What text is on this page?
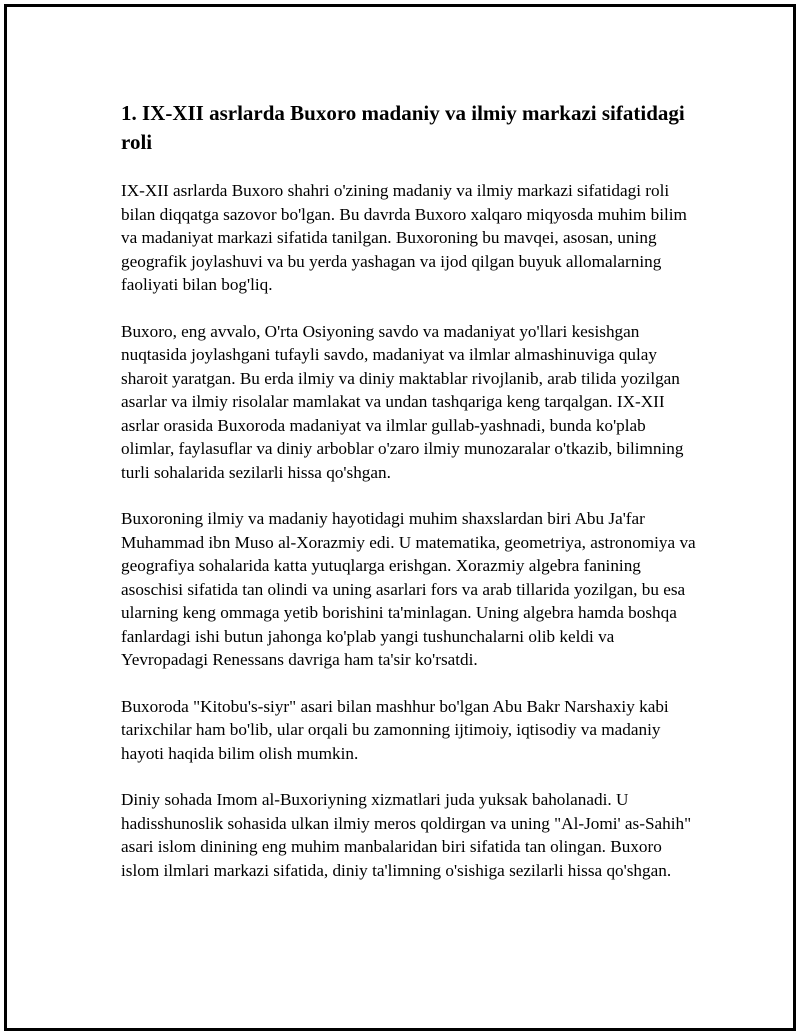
1. IX-XII asrlarda Buxoro madaniy va ilmiy markazi sifatidagi roli

IX-XII asrlarda Buxoro shahri o'zining madaniy va ilmiy markazi sifatidagi roli bilan diqqatga sazovor bo'lgan. Bu davrda Buxoro xalqaro miqyosda muhim bilim va madaniyat markazi sifatida tanilgan. Buxoroning bu mavqei, asosan, uning geografik joylashuvi va bu yerda yashagan va ijod qilgan buyuk allomalarning faoliyati bilan bog'liq.

Buxoro, eng avvalo, O'rta Osiyoning savdo va madaniyat yo'llari kesishgan nuqtasida joylashgani tufayli savdo, madaniyat va ilmlar almashinuviga qulay sharoit yaratgan. Bu erda ilmiy va diniy maktablar rivojlanib, arab tilida yozilgan asarlar va ilmiy risolalar mamlakat va undan tashqariga keng tarqalgan. IX-XII asrlar orasida Buxoroda madaniyat va ilmlar gullab-yashnadi, bunda ko'plab olimlar, faylasuflar va diniy arboblar o'zaro ilmiy munozaralar o'tkazib, bilimning turli sohalarida sezilarli hissa qo'shgan.

Buxoroning ilmiy va madaniy hayotidagi muhim shaxslardan biri Abu Ja'far Muhammad ibn Muso al-Xorazmiy edi. U matematika, geometriya, astronomiya va geografiya sohalarida katta yutuqlarga erishgan. Xorazmiy algebra fanining asoschisi sifatida tan olindi va uning asarlari fors va arab tillarida yozilgan, bu esa ularning keng ommaga yetib borishini ta'minlagan. Uning algebra hamda boshqa fanlardagi ishi butun jahonga ko'plab yangi tushunchalarni olib keldi va Yevropadagi Renessans davriga ham ta'sir ko'rsatdi.

Buxoroda "Kitobu's-siyr" asari bilan mashhur bo'lgan Abu Bakr Narshaxiy kabi tarixchilar ham bo'lib, ular orqali bu zamonning ijtimoiy, iqtisodiy va madaniy hayoti haqida bilim olish mumkin.

Diniy sohada Imom al-Buxoriyning xizmatlari juda yuksak baholanadi. U hadisshunoslik sohasida ulkan ilmiy meros qoldirgan va uning "Al-Jomi' as-Sahih" asari islom dinining eng muhim manbalaridan biri sifatida tan olingan. Buxoro islom ilmlari markazi sifatida, diniy ta'limning o'sishiga sezilarli hissa qo'shgan.
